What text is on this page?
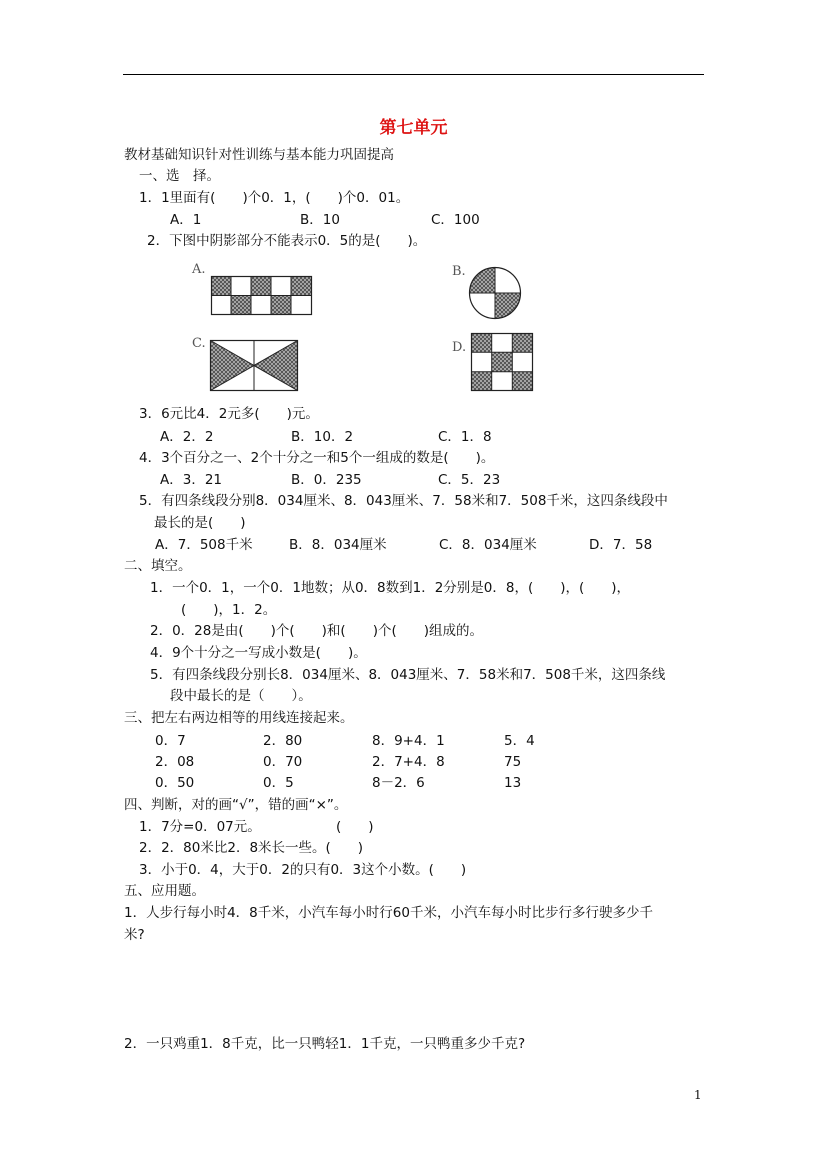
第七单元
教材基础知识针对性训练与基本能力巩固提高
一、选　择。
1．1里面有(　　)个0．1，(　　)个0．01。
A．1	B．10	C．100
2．下图中阴影部分不能表示0．5的是(　　)。
A.	B.
C.	D.
3．6元比4．2元多(　　)元。
A．2．2	B．10．2	C．1．8
4．3个百分之一、2个十分之一和5个一组成的数是(　　)。
A．3．21	B．0．235	C．5．23
5．有四条线段分别8．034厘米、8．043厘米、7．58米和7．508千米，这四条线段中
最长的是(　　)
A．7．508千米	B．8．034厘米	C．8．034厘米	D．7．58
二、填空。
1．一个0．1，一个0．1地数；从0．8数到1．2分别是0．8，(　　)，(　　)，
(　　)，1．2。
2．0．28是由(　　)个(　　)和(　　)个(　　)组成的。
4．9个十分之一写成小数是(　　)。
5．有四条线段分别长8．034厘米、8．043厘米、7．58米和7．508千米，这四条线
段中最长的是（　　）。
三、把左右两边相等的用线连接起来。
0．7	2．80	8．9+4．1	5．4
2．08	0．70	2．7+4．8	75
0．50	0．5	8－2．6	13
四、判断，对的画“√”，错的画“×”。
1．7分=0．07元。	(　　)
2．2．80米比2．8米长一些。(　　)
3．小于0．4，大于0．2的只有0．3这个小数。(　　)
五、应用题。
1．人步行每小时4．8千米，小汽车每小时行60千米，小汽车每小时比步行多行驶多少千
米?
2．一只鸡重1．8千克，比一只鸭轻1．1千克，一只鸭重多少千克?
1
